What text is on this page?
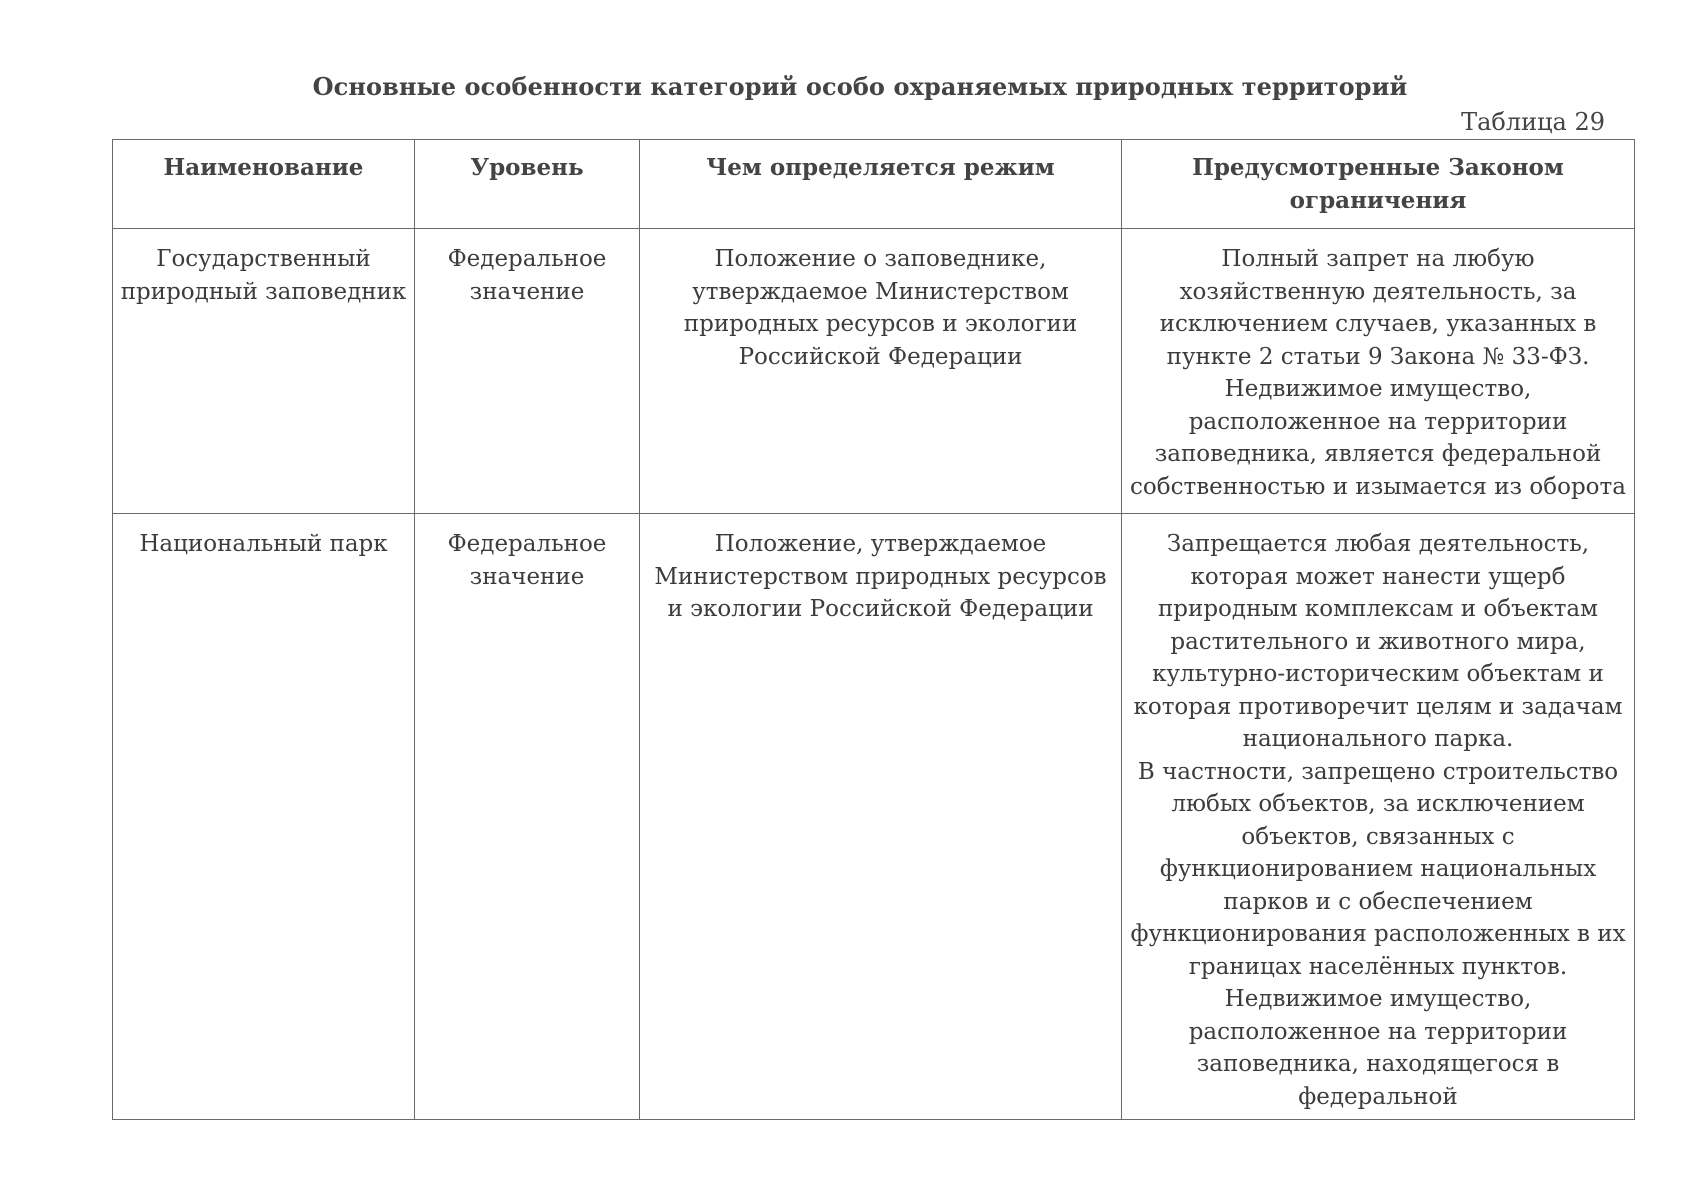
Основные особенности категорий особо охраняемых природных территорий
Таблица 29
Наименование	Уровень	Чем определяется режим	Предусмотренные Законом ограничения
Государственный природный заповедник	Федеральное значение	Положение о заповеднике, утверждаемое Министерством природных ресурсов и экологии Российской Федерации	Полный запрет на любую хозяйственную деятельность, за исключением случаев, указанных в пункте 2 статьи 9 Закона № 33-ФЗ.
Недвижимое имущество, расположенное на территории заповедника, является федеральной собственностью и изымается из оборота

Национальный парк	Федеральное значение	Положение, утверждаемое Министерством природных ресурсов и экологии Российской Федерации	Запрещается любая деятельность, которая может нанести ущерб природным комплексам и объектам растительного и животного мира, культурно-историческим объектам и которая противоречит целям и задачам национального парка.
В частности, запрещено строительство любых объектов, за исключением объектов, связанных с функционированием национальных парков и с обеспечением функционирования расположенных в их границах населённых пунктов.
Недвижимое имущество, расположенное на территории заповедника, находящегося в федеральной
